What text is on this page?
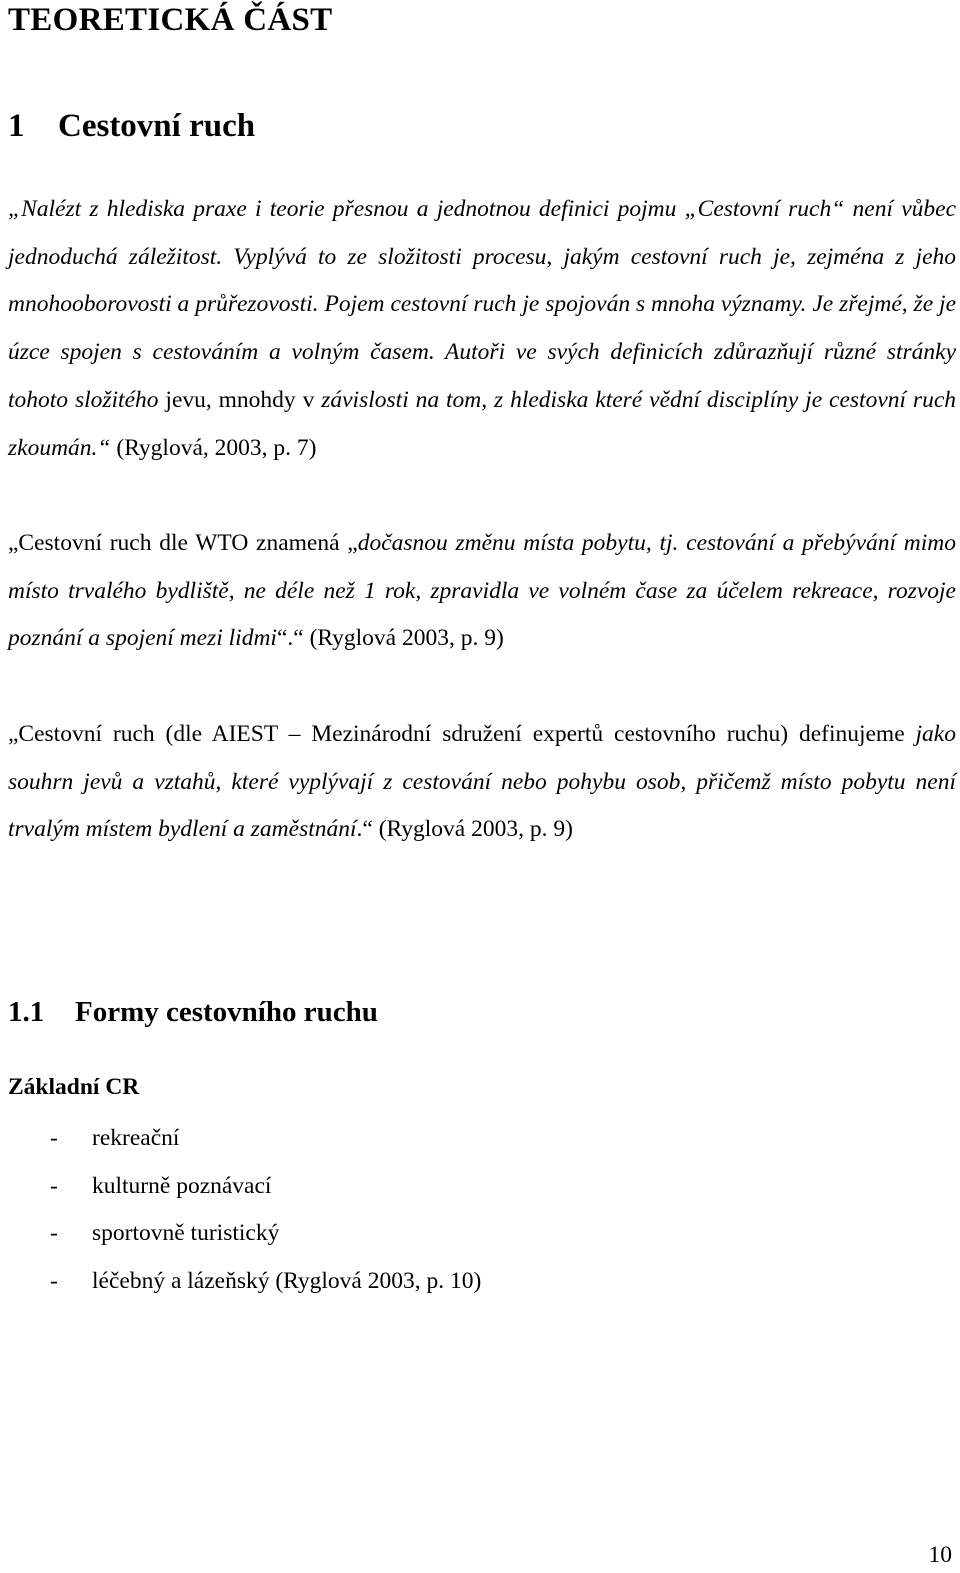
TEORETICKÁ ČÁST
1 Cestovní ruch

„Nalézt z hlediska praxe i teorie přesnou a jednotnou definici pojmu „Cestovní ruch“ není vůbec jednoduchá záležitost. Vyplývá to ze složitosti procesu, jakým cestovní ruch je, zejména z jeho mnohooborovosti a průřezovosti. Pojem cestovní ruch je spojován s mnoha významy. Je zřejmé, že je úzce spojen s cestováním a volným časem. Autoři ve svých definicích zdůrazňují různé stránky tohoto složitého jevu, mnohdy v závislosti na tom, z hlediska které vědní disciplíny je cestovní ruch zkoumán.“ (Ryglová, 2003, p. 7)

„Cestovní ruch dle WTO znamená „dočasnou změnu místa pobytu, tj. cestování a přebývání mimo místo trvalého bydliště, ne déle než 1 rok, zpravidla ve volném čase za účelem rekreace, rozvoje poznání a spojení mezi lidmi“.“ (Ryglová 2003, p. 9)

„Cestovní ruch (dle AIEST – Mezinárodní sdružení expertů cestovního ruchu) definujeme jako souhrn jevů a vztahů, které vyplývají z cestování nebo pohybu osob, přičemž místo pobytu není trvalým místem bydlení a zaměstnání.“ (Ryglová 2003, p. 9)

1.1 Formy cestovního ruchu

Základní CR

- rekreační
- kulturně poznávací
- sportovně turistický
- léčebný a lázeňský (Ryglová 2003, p. 10)
10
